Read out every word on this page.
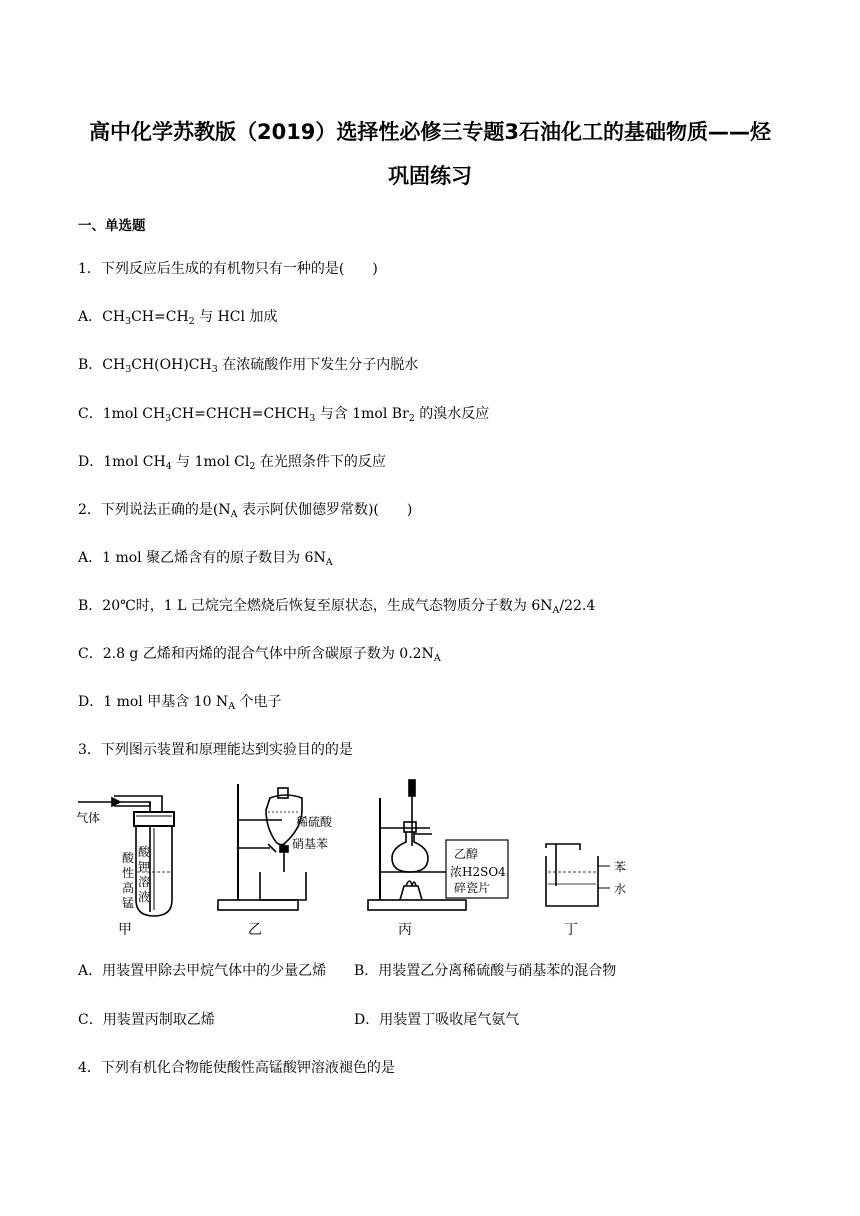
高中化学苏教版（2019）选择性必修三专题3石油化工的基础物质——烃
巩固练习
一、单选题
1．下列反应后生成的有机物只有一种的是(　　)
A．$CH_3CH=CH_2$ 与 HCl 加成
B．$CH_3CH(OH)CH_3$ 在浓硫酸作用下发生分子内脱水
C．1mol $CH_3CH=CHCH=CHCH_3$ 与含 1mol $Br_2$ 的溴水反应
D．1mol $CH_4$ 与 1mol $Cl_2$ 在光照条件下的反应
2．下列说法正确的是($N_A$ 表示阿伏伽德罗常数)(　　)
A．1 mol 聚乙烯含有的原子数目为 $6N_A$
B．20℃时，1 L 己烷完全燃烧后恢复至原状态，生成气态物质分子数为 $6N_A/22.4$
C．2.8 g 乙烯和丙烯的混合气体中所含碳原子数为 $0.2N_A$
D．1 mol 甲基含 10 $N_A$ 个电子
3．下列图示装置和原理能达到实验目的的是
气体
酸
性
高
锰
酸
钾
溶
液
稀硫酸
硝基苯
乙醇
浓H2SO4
碎瓷片
苯
水
甲	乙	丙	丁
A．用装置甲除去甲烷气体中的少量乙烯 B．用装置乙分离稀硫酸与硝基苯的混合物
C．用装置丙制取乙烯	D．用装置丁吸收尾气氨气
4．下列有机化合物能使酸性高锰酸钾溶液褪色的是
